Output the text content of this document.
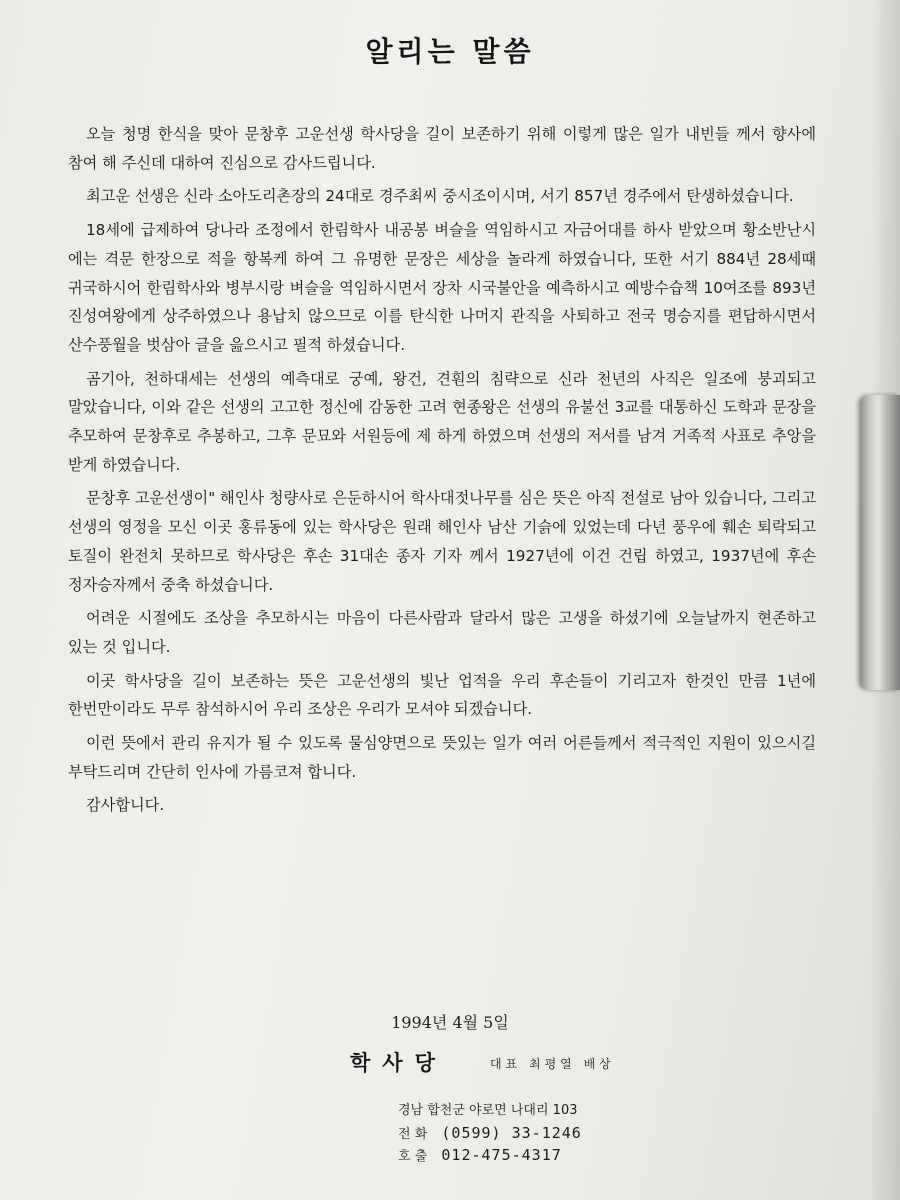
알리는 말씀

오늘 청명 한식을 맞아 문창후 고운선생 학사당을 길이 보존하기 위해 이렇게 많은 일가 내빈들 께서 향사에 참여 해 주신데 대하여 진심으로 감사드립니다.

최고운 선생은 신라 소아도리촌장의 24대로 경주최씨 중시조이시며, 서기 857년 경주에서 탄생하셨습니다.

18세에 급제하여 당나라 조정에서 한림학사 내공봉 벼슬을 역임하시고 자금어대를 하사 받았으며 황소반난시 에는 격문 한장으로 적을 항복케 하여 그 유명한 문장은 세상을 놀라게 하였습니다, 또한 서기 884년 28세때 귀국하시어 한림학사와 병부시랑 벼슬을 역임하시면서 장차 시국불안을 예측하시고 예방수습책 10여조를 893년 진성여왕에게 상주하였으나 용납치 않으므로 이를 탄식한 나머지 관직을 사퇴하고 전국 명승지를 편답하시면서 산수풍월을 벗삼아 글을 읊으시고 필적 하셨습니다.

곰기아, 천하대세는 선생의 예측대로 궁예, 왕건, 견훤의 침략으로 신라 천년의 사직은 일조에 붕괴되고 말았습니다, 이와 같은 선생의 고고한 정신에 감동한 고려 현종왕은 선생의 유불선 3교를 대통하신 도학과 문장을 추모하여 문창후로 추봉하고, 그후 문묘와 서원등에 제 하게 하였으며 선생의 저서를 남겨 거족적 사표로 추앙을 받게 하였습니다.

문창후 고운선생이" 해인사 청량사로 은둔하시어 학사대젓나무를 심은 뜻은 아직 전설로 남아 있습니다, 그리고 선생의 영정을 모신 이곳 홍류동에 있는 학사당은 원래 해인사 남산 기슭에 있었는데 다년 풍우에 훼손 퇴락되고 토질이 완전치 못하므로 학사당은 후손 31대손 종자 기자 께서 1927년에 이건 건립 하였고, 1937년에 후손 정자승자께서 중축 하셨습니다.

어려운 시절에도 조상을 추모하시는 마음이 다른사람과 달라서 많은 고생을 하셨기에 오늘날까지 현존하고 있는 것 입니다.

이곳 학사당을 길이 보존하는 뜻은 고운선생의 빛난 업적을 우리 후손들이 기리고자 한것인 만큼 1년에 한번만이라도 무루 참석하시어 우리 조상은 우리가 모셔야 되겠습니다.

이런 뜻에서 관리 유지가 될 수 있도록 물심양면으로 뜻있는 일가 여러 어른들께서 적극적인 지원이 있으시길 부탁드리며 간단히 인사에 가름코져 합니다.

감사합니다.

1994년 4월 5일
학사당	대표 최평열 배상
경남 합천군 야로면 나대리 103
전 화 (0599) 33-1246
호 출 012-475-4317
